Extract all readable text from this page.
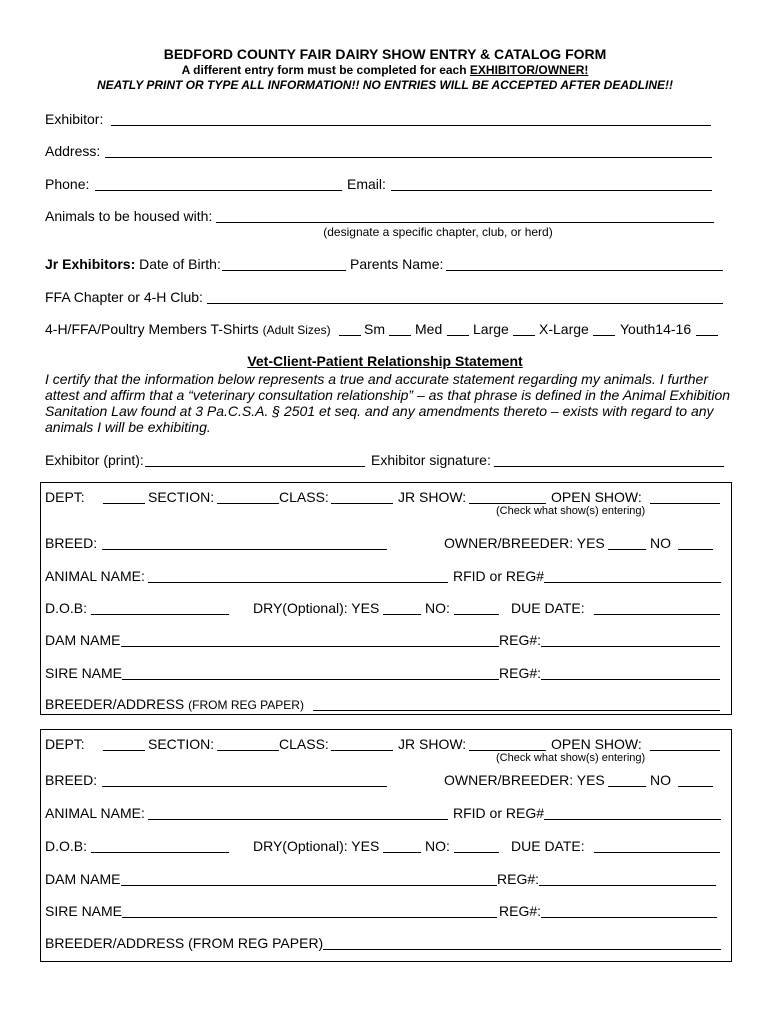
BEDFORD COUNTY FAIR DAIRY SHOW ENTRY & CATALOG FORM
A different entry form must be completed for each EXHIBITOR/OWNER!
NEATLY PRINT OR TYPE ALL INFORMATION!! NO ENTRIES WILL BE ACCEPTED AFTER DEADLINE!!
Exhibitor:
Address:
Phone:	Email:
Animals to be housed with:
(designate a specific chapter, club, or herd)
Jr Exhibitors: Date of Birth:	Parents Name:
FFA Chapter or 4-H Club:
4-H/FFA/Poultry Members T-Shirts (Adult Sizes) Sm Med Large X-Large Youth14-16
Vet-Client-Patient Relationship Statement
I certify that the information below represents a true and accurate statement regarding my animals. I further
attest and affirm that a “veterinary consultation relationship” – as that phrase is defined in the Animal Exhibition
Sanitation Law found at 3 Pa.C.S.A. § 2501 et seq. and any amendments thereto – exists with regard to any
animals I will be exhibiting.
Exhibitor (print):	Exhibitor signature:
DEPT:	SECTION:	CLASS:	JR SHOW:	OPEN SHOW:
(Check what show(s) entering)
BREED:	OWNER/BREEDER: YES	NO
ANIMAL NAME:	RFID or REG#
D.O.B:	DRY(Optional): YES	NO:	DUE DATE:
DAM NAME	REG#:
SIRE NAME	REG#:
BREEDER/ADDRESS (FROM REG PAPER)
DEPT:	SECTION:	CLASS:	JR SHOW:	OPEN SHOW:
(Check what show(s) entering)
BREED:	OWNER/BREEDER: YES	NO
ANIMAL NAME:	RFID or REG#
D.O.B:	DRY(Optional): YES	NO:	DUE DATE:
DAM NAME	REG#:
SIRE NAME	REG#:
BREEDER/ADDRESS (FROM REG PAPER)
